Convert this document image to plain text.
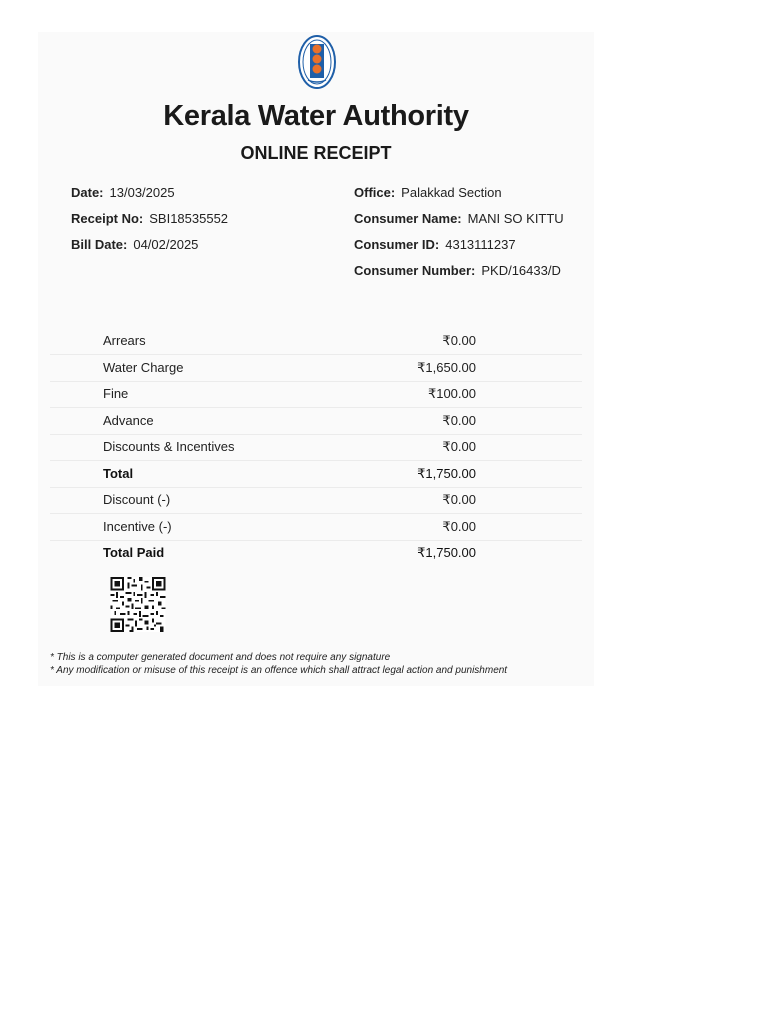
Kerala Water Authority
ONLINE RECEIPT
Date: 13/03/2025
Receipt No: SBI18535552
Bill Date: 04/02/2025
Office: Palakkad Section
Consumer Name: MANI SO KITTU
Consumer ID: 4313111237
Consumer Number: PKD/16433/D
Arrears	₹0.00
Water Charge	₹1,650.00
Fine	₹100.00
Advance	₹0.00
Discounts & Incentives	₹0.00
Total	₹1,750.00
Discount (-)	₹0.00
Incentive (-)	₹0.00
Total Paid	₹1,750.00
* This is a computer generated document and does not require any signature
* Any modification or misuse of this receipt is an offence which shall attract legal action and punishment
